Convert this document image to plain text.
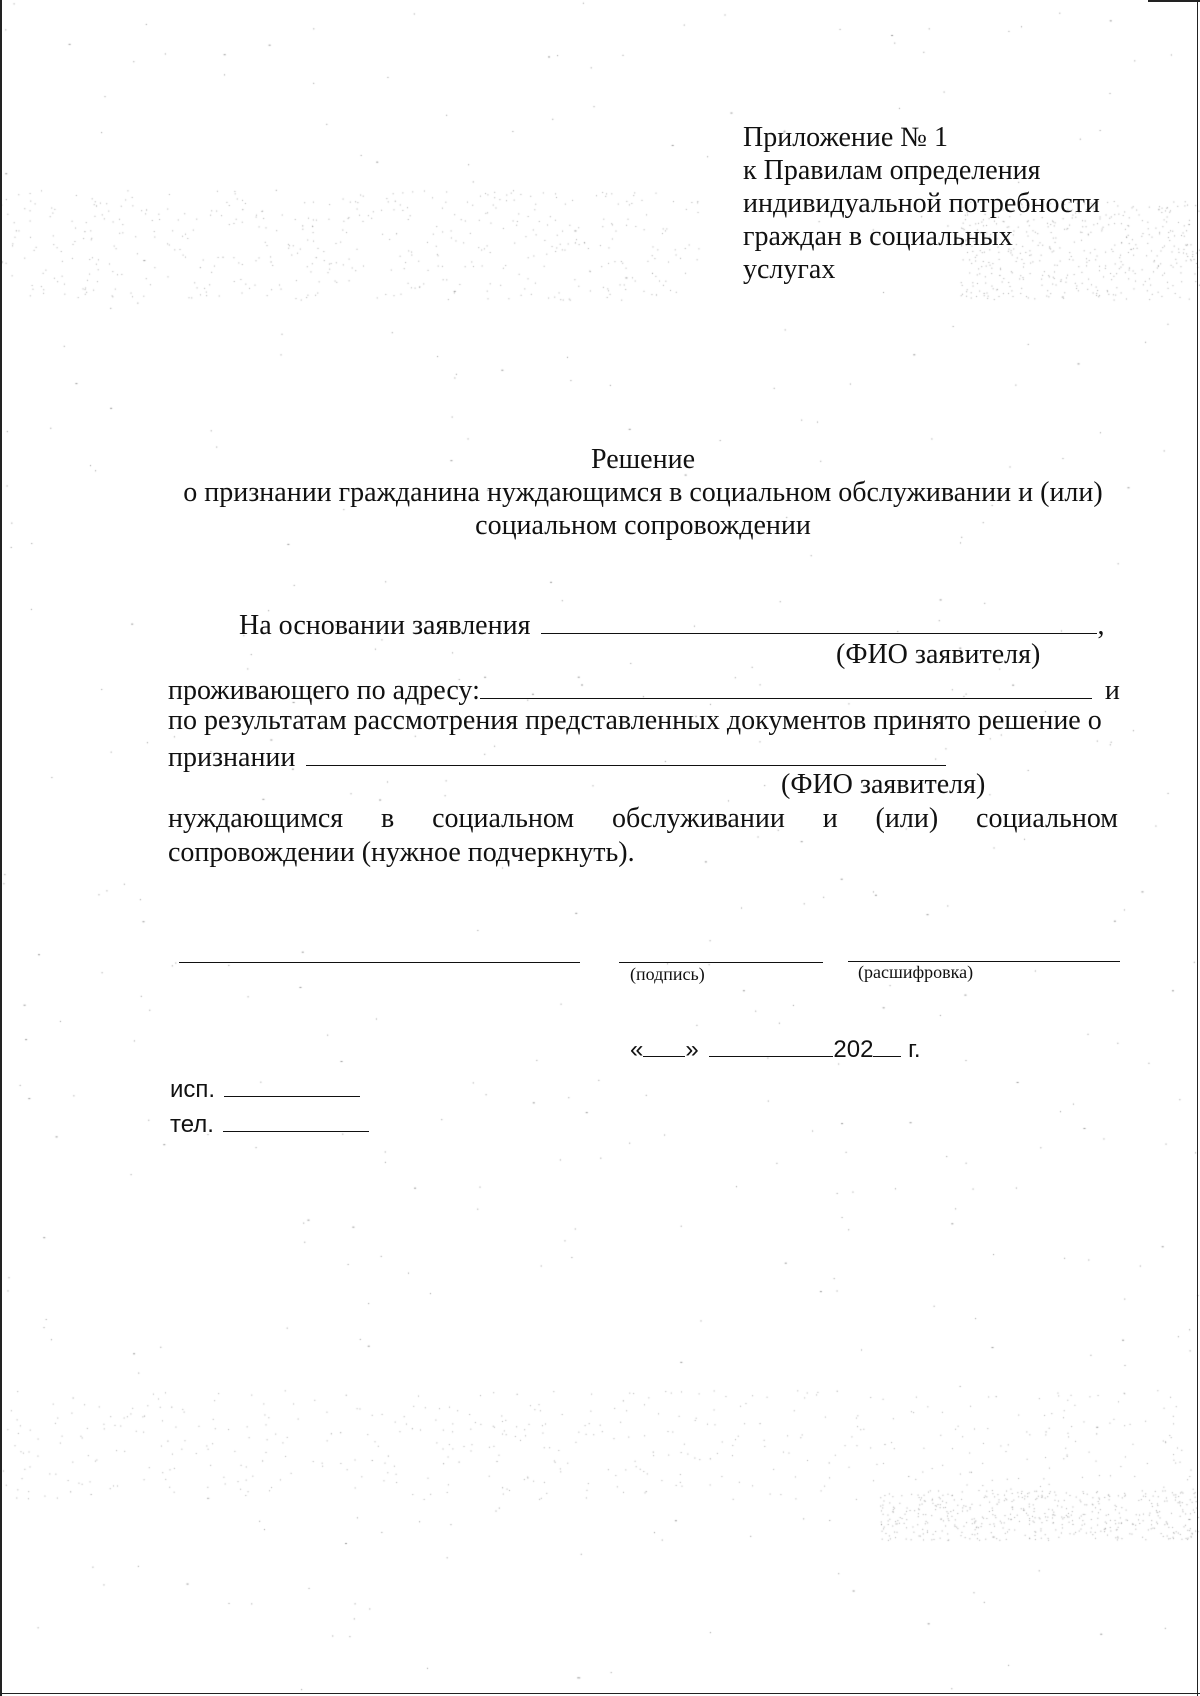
Приложение № 1
к Правилам определения
индивидуальной потребности
граждан в социальных
услугах
Решение
о признании гражданина нуждающимся в социальном обслуживании и (или)
социальном сопровождении
На основании заявления	,
(ФИО заявителя)
проживающего по адресу:	и
по результатам рассмотрения представленных документов принято решение о
признании
(ФИО заявителя)
нуждающимся в социальном обслуживании и (или) социальном
сопровождении (нужное подчеркнуть).
(подпись)	(расшифровка)
« »	202 г.
исп.
тел.
